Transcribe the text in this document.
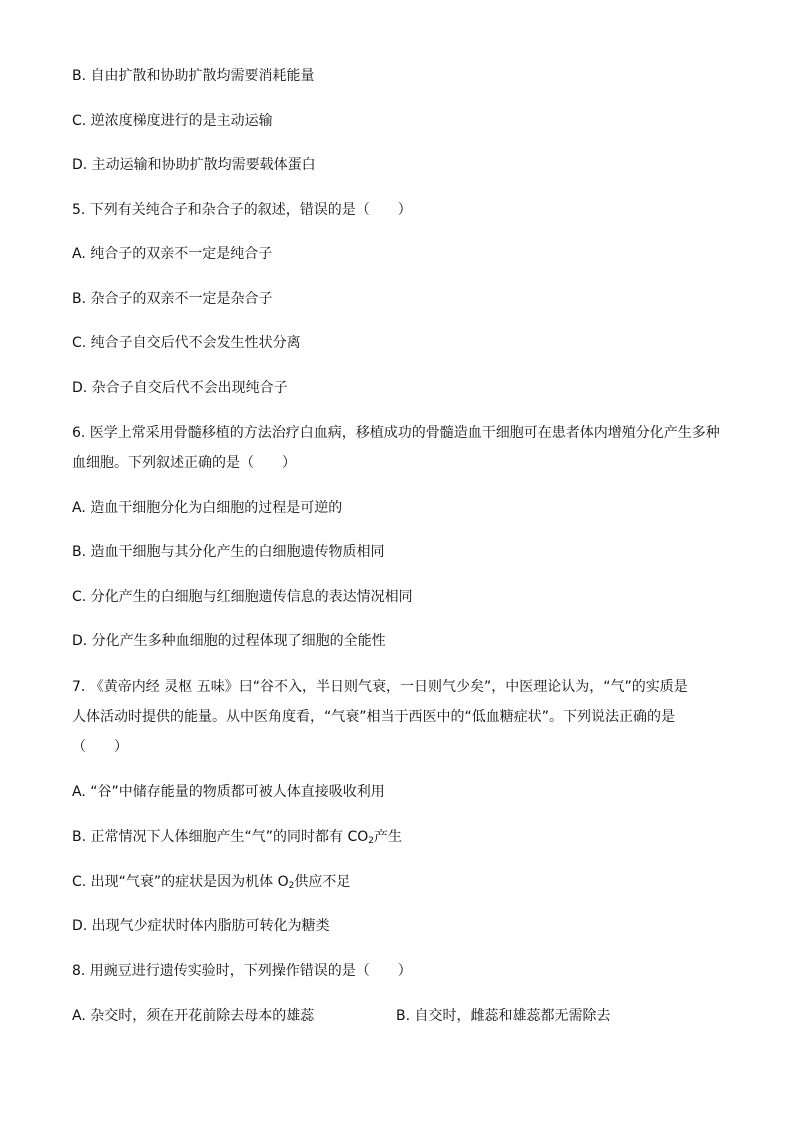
B. 自由扩散和协助扩散均需要消耗能量
C. 逆浓度梯度进行的是主动运输
D. 主动运输和协助扩散均需要载体蛋白
5. 下列有关纯合子和杂合子的叙述，错误的是（　　）
A. 纯合子的双亲不一定是纯合子
B. 杂合子的双亲不一定是杂合子
C. 纯合子自交后代不会发生性状分离
D. 杂合子自交后代不会出现纯合子
6. 医学上常采用骨髓移植的方法治疗白血病，移植成功的骨髓造血干细胞可在患者体内增殖分化产生多种
血细胞。下列叙述正确的是（　　）
A. 造血干细胞分化为白细胞的过程是可逆的
B. 造血干细胞与其分化产生的白细胞遗传物质相同
C. 分化产生的白细胞与红细胞遗传信息的表达情况相同
D. 分化产生多种血细胞的过程体现了细胞的全能性
7. 《黄帝内经 灵枢 五味》曰“谷不入，半日则气衰，一日则气少矣”，中医理论认为，“气”的实质是
人体活动时提供的能量。从中医角度看，“气衰”相当于西医中的“低血糖症状”。下列说法正确的是
（　　）
A. “谷”中储存能量的物质都可被人体直接吸收利用
B. 正常情况下人体细胞产生“气”的同时都有 $CO_2$产生
C. 出现“气衰”的症状是因为机体 $O_2$供应不足
D. 出现气少症状时体内脂肪可转化为糖类
8. 用豌豆进行遗传实验时，下列操作错误的是（　　）
A. 杂交时，须在开花前除去母本的雄蕊	B. 自交时，雌蕊和雄蕊都无需除去
